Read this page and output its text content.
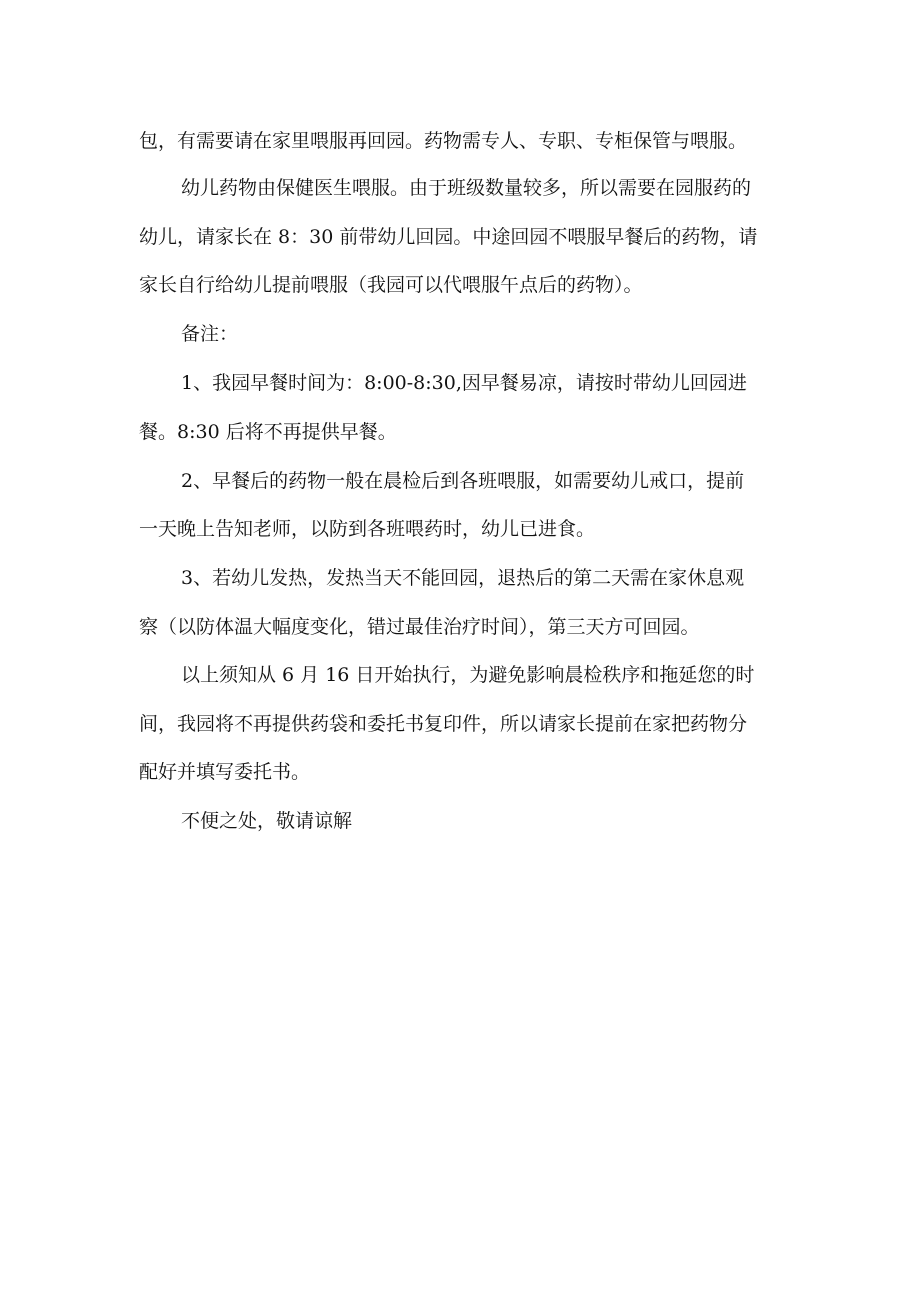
包，有需要请在家里喂服再回园。药物需专人、专职、专柜保管与喂服。
幼儿药物由保健医生喂服。由于班级数量较多，所以需要在园服药的
幼儿，请家长在 8：30 前带幼儿回园。中途回园不喂服早餐后的药物，请
家长自行给幼儿提前喂服（我园可以代喂服午点后的药物）。
备注：
1、我园早餐时间为：8:00-8:30,因早餐易凉，请按时带幼儿回园进
餐。8:30 后将不再提供早餐。
2、早餐后的药物一般在晨检后到各班喂服，如需要幼儿戒口，提前
一天晚上告知老师，以防到各班喂药时，幼儿已进食。
3、若幼儿发热，发热当天不能回园，退热后的第二天需在家休息观
察（以防体温大幅度变化，错过最佳治疗时间），第三天方可回园。
以上须知从 6 月 16 日开始执行，为避免影响晨检秩序和拖延您的时
间，我园将不再提供药袋和委托书复印件，所以请家长提前在家把药物分
配好并填写委托书。
不便之处，敬请谅解
